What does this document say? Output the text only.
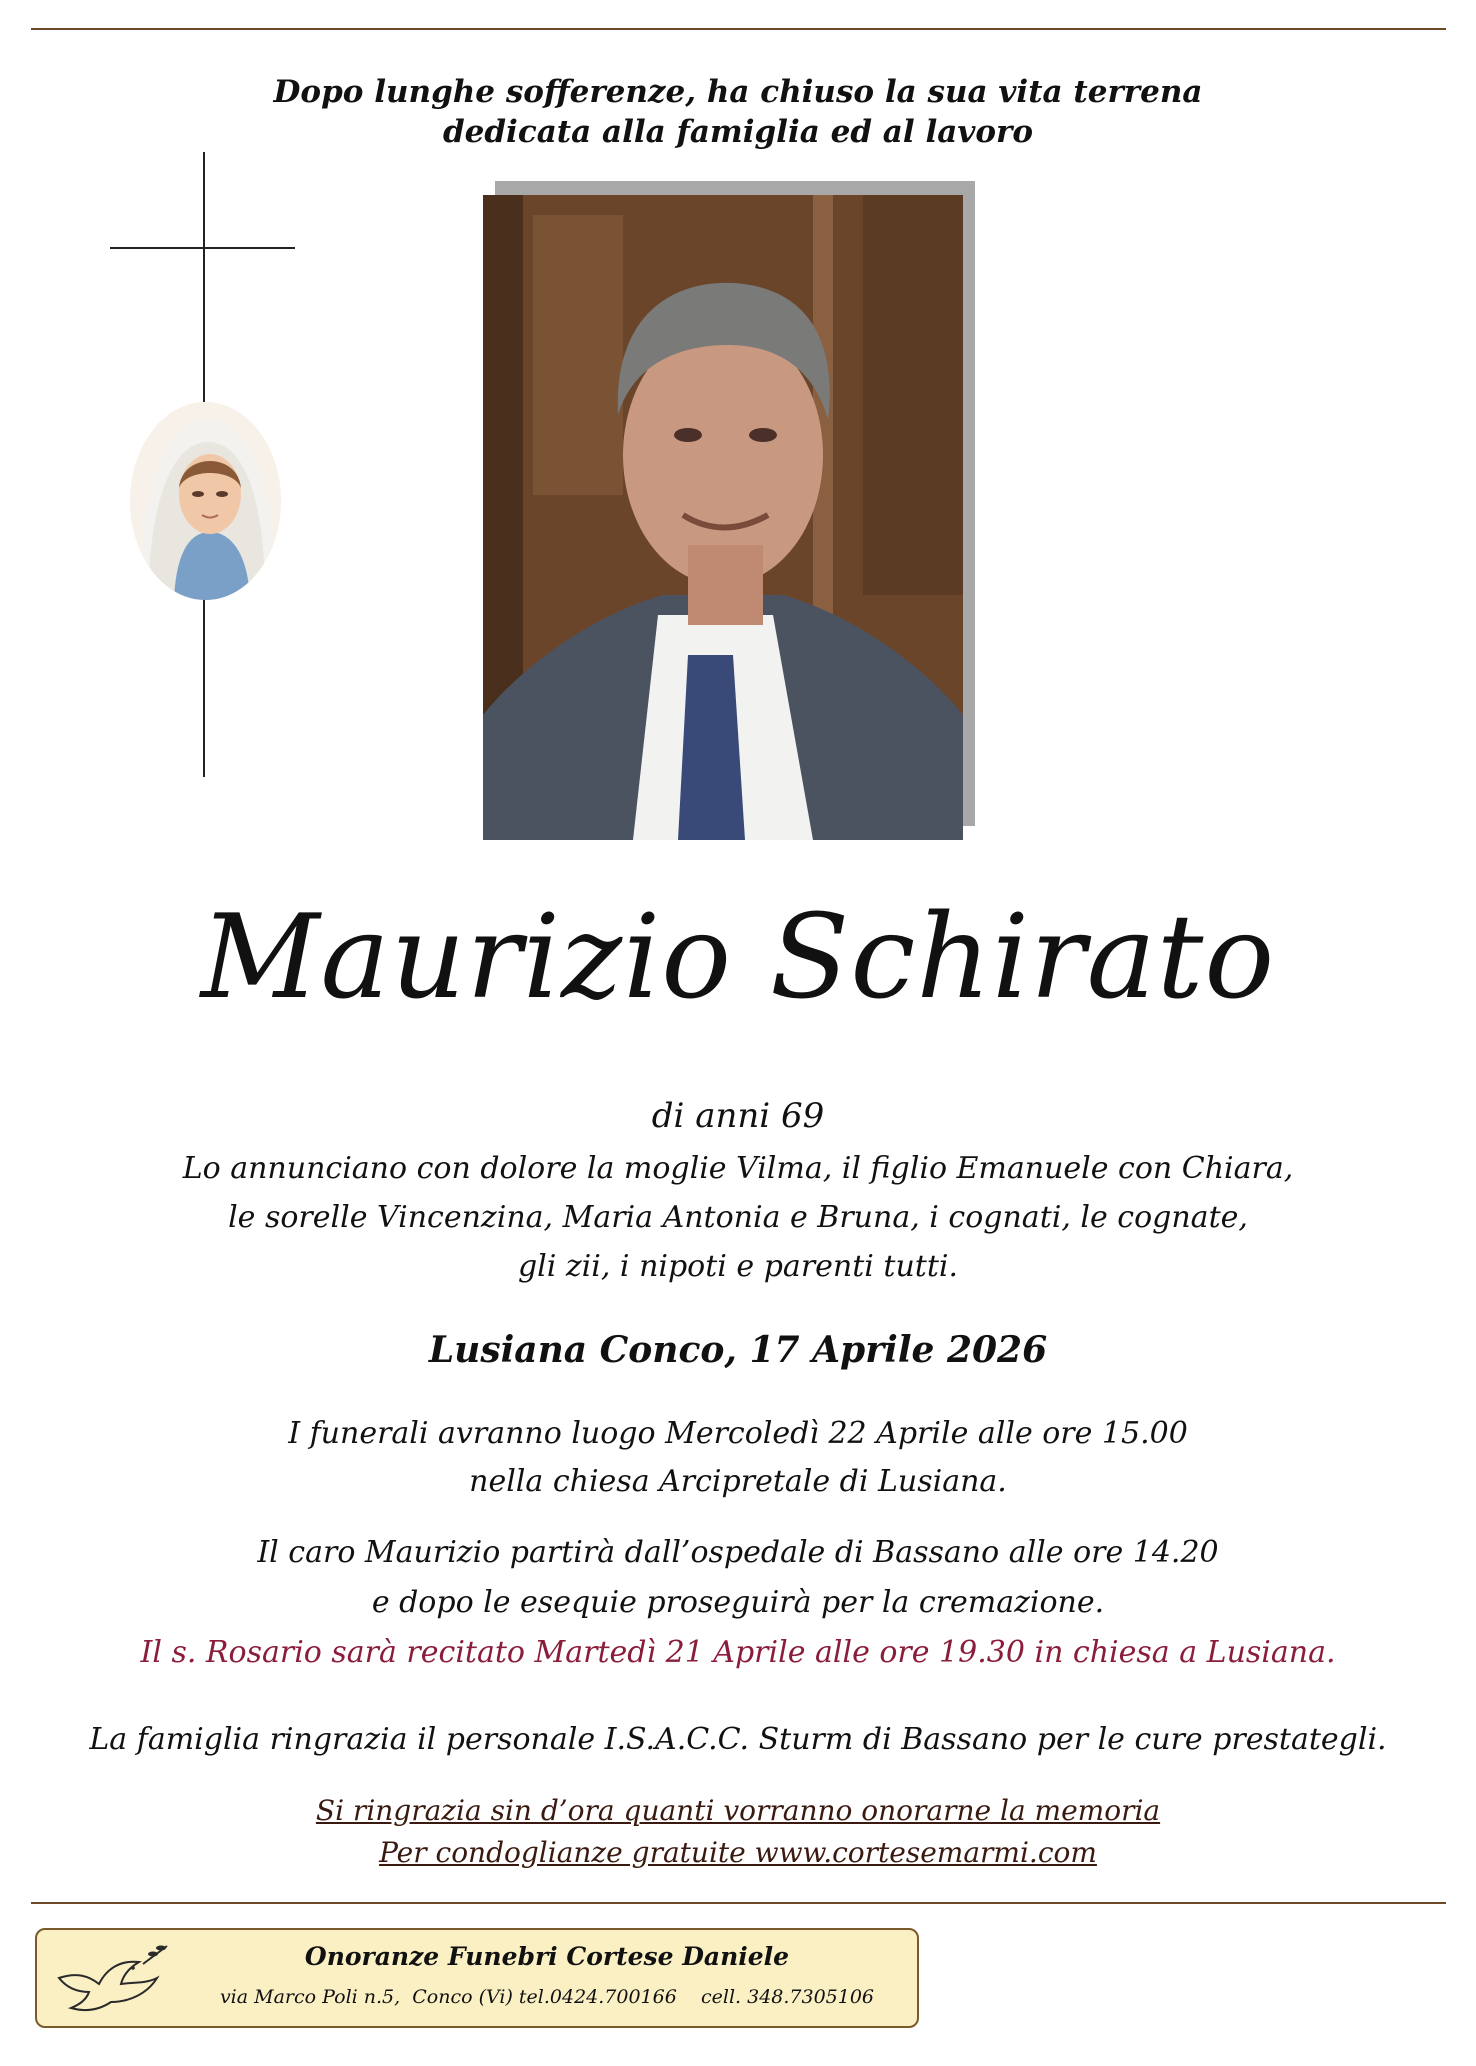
Dopo lunghe sofferenze, ha chiuso la sua vita terrena
dedicata alla famiglia ed al lavoro
Maurizio Schirato
di anni 69
Lo annunciano con dolore la moglie Vilma, il figlio Emanuele con Chiara,
le sorelle Vincenzina, Maria Antonia e Bruna, i cognati, le cognate,
gli zii, i nipoti e parenti tutti.
Lusiana Conco, 17 Aprile 2026
I funerali avranno luogo Mercoledì 22 Aprile alle ore 15.00
nella chiesa Arcipretale di Lusiana.
Il caro Maurizio partirà dall’ospedale di Bassano alle ore 14.20
e dopo le esequie proseguirà per la cremazione.
Il s. Rosario sarà recitato Martedì 21 Aprile alle ore 19.30 in chiesa a Lusiana.
La famiglia ringrazia il personale I.S.A.C.C. Sturm di Bassano per le cure prestategli.
Si ringrazia sin d’ora quanti vorranno onorarne la memoria
Per condoglianze gratuite www.cortesemarmi.com
Onoranze Funebri Cortese Daniele
via Marco Poli n.5,  Conco (Vi) tel.0424.700166    cell. 348.7305106
